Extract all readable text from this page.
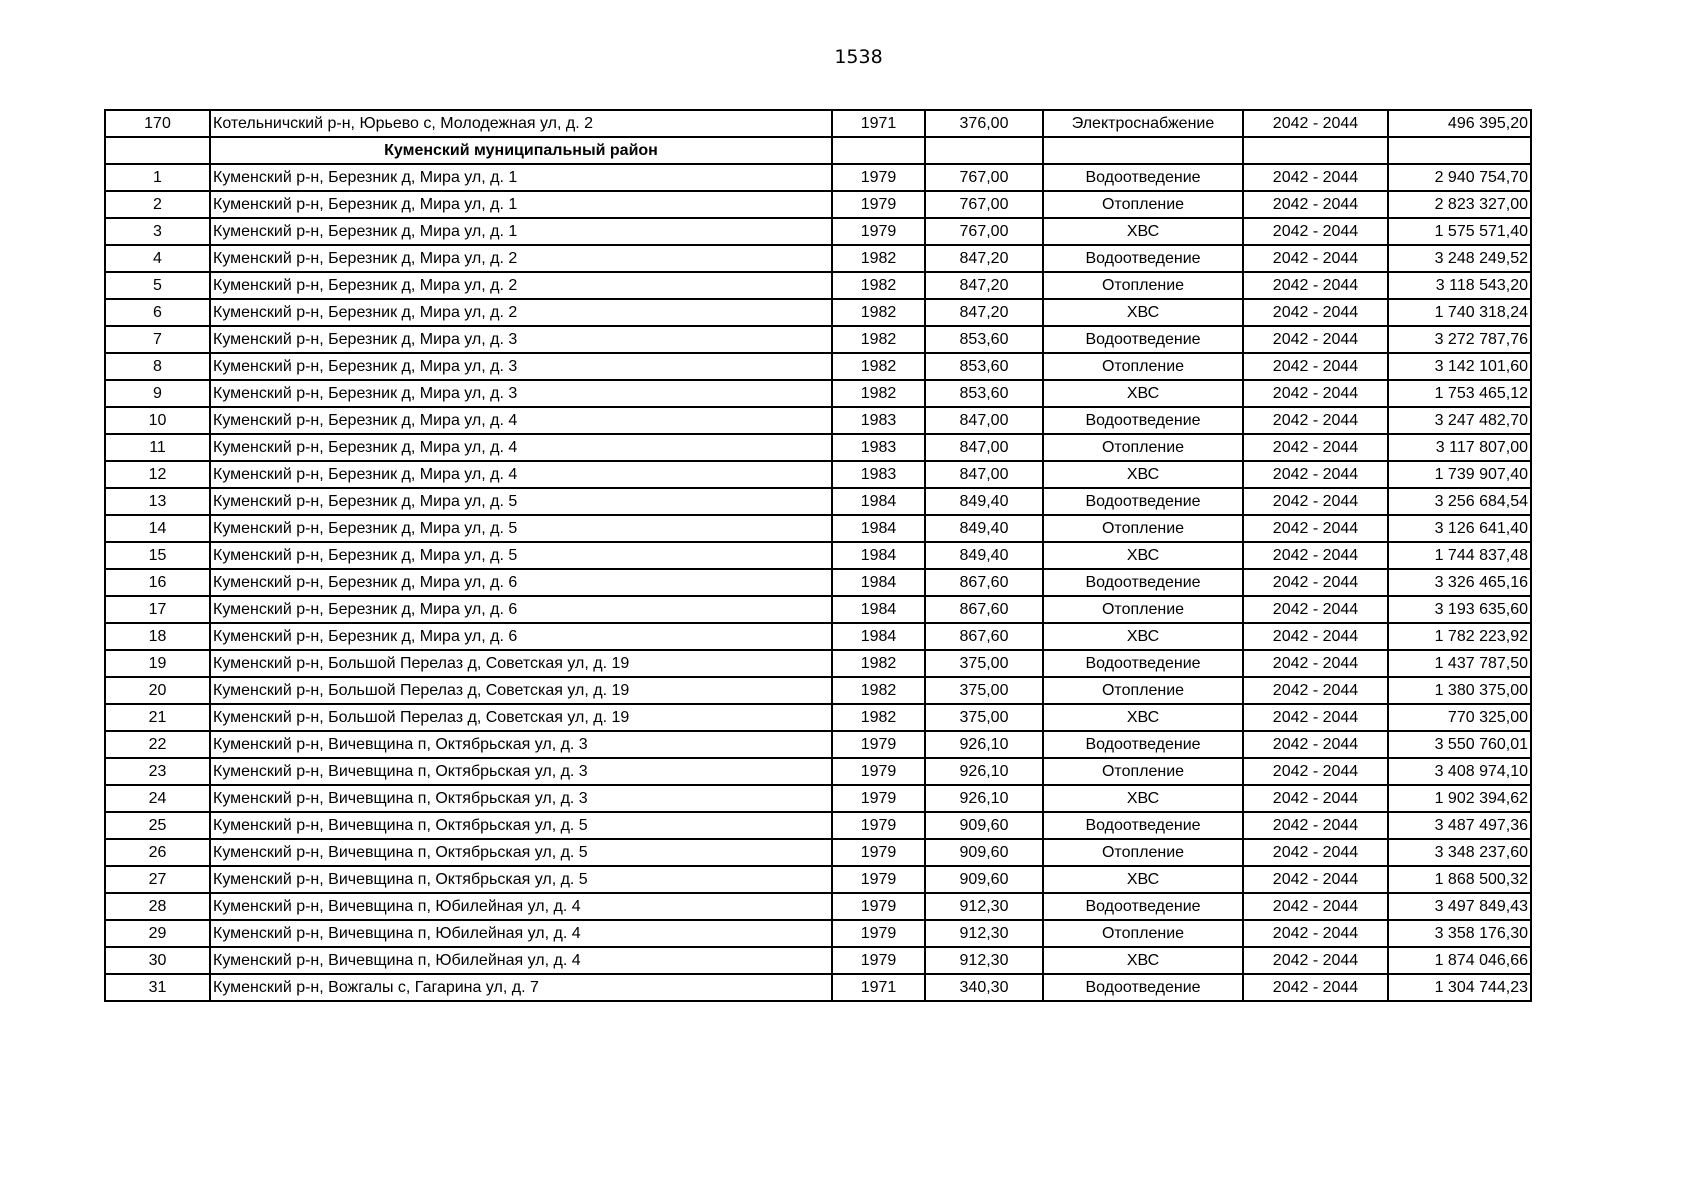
1538
170	Котельничский р-н, Юрьево с, Молодежная ул, д. 2	1971	376,00	Электроснабжение	2042 - 2044	496 395,20
	Куменский муниципальный район					
1	Куменский р-н, Березник д, Мира ул, д. 1	1979	767,00	Водоотведение	2042 - 2044	2 940 754,70
2	Куменский р-н, Березник д, Мира ул, д. 1	1979	767,00	Отопление	2042 - 2044	2 823 327,00
3	Куменский р-н, Березник д, Мира ул, д. 1	1979	767,00	ХВС	2042 - 2044	1 575 571,40
4	Куменский р-н, Березник д, Мира ул, д. 2	1982	847,20	Водоотведение	2042 - 2044	3 248 249,52
5	Куменский р-н, Березник д, Мира ул, д. 2	1982	847,20	Отопление	2042 - 2044	3 118 543,20
6	Куменский р-н, Березник д, Мира ул, д. 2	1982	847,20	ХВС	2042 - 2044	1 740 318,24
7	Куменский р-н, Березник д, Мира ул, д. 3	1982	853,60	Водоотведение	2042 - 2044	3 272 787,76
8	Куменский р-н, Березник д, Мира ул, д. 3	1982	853,60	Отопление	2042 - 2044	3 142 101,60
9	Куменский р-н, Березник д, Мира ул, д. 3	1982	853,60	ХВС	2042 - 2044	1 753 465,12
10	Куменский р-н, Березник д, Мира ул, д. 4	1983	847,00	Водоотведение	2042 - 2044	3 247 482,70
11	Куменский р-н, Березник д, Мира ул, д. 4	1983	847,00	Отопление	2042 - 2044	3 117 807,00
12	Куменский р-н, Березник д, Мира ул, д. 4	1983	847,00	ХВС	2042 - 2044	1 739 907,40
13	Куменский р-н, Березник д, Мира ул, д. 5	1984	849,40	Водоотведение	2042 - 2044	3 256 684,54
14	Куменский р-н, Березник д, Мира ул, д. 5	1984	849,40	Отопление	2042 - 2044	3 126 641,40
15	Куменский р-н, Березник д, Мира ул, д. 5	1984	849,40	ХВС	2042 - 2044	1 744 837,48
16	Куменский р-н, Березник д, Мира ул, д. 6	1984	867,60	Водоотведение	2042 - 2044	3 326 465,16
17	Куменский р-н, Березник д, Мира ул, д. 6	1984	867,60	Отопление	2042 - 2044	3 193 635,60
18	Куменский р-н, Березник д, Мира ул, д. 6	1984	867,60	ХВС	2042 - 2044	1 782 223,92
19	Куменский р-н, Большой Перелаз д, Советская ул, д. 19	1982	375,00	Водоотведение	2042 - 2044	1 437 787,50
20	Куменский р-н, Большой Перелаз д, Советская ул, д. 19	1982	375,00	Отопление	2042 - 2044	1 380 375,00
21	Куменский р-н, Большой Перелаз д, Советская ул, д. 19	1982	375,00	ХВС	2042 - 2044	770 325,00
22	Куменский р-н, Вичевщина п, Октябрьская ул, д. 3	1979	926,10	Водоотведение	2042 - 2044	3 550 760,01
23	Куменский р-н, Вичевщина п, Октябрьская ул, д. 3	1979	926,10	Отопление	2042 - 2044	3 408 974,10
24	Куменский р-н, Вичевщина п, Октябрьская ул, д. 3	1979	926,10	ХВС	2042 - 2044	1 902 394,62
25	Куменский р-н, Вичевщина п, Октябрьская ул, д. 5	1979	909,60	Водоотведение	2042 - 2044	3 487 497,36
26	Куменский р-н, Вичевщина п, Октябрьская ул, д. 5	1979	909,60	Отопление	2042 - 2044	3 348 237,60
27	Куменский р-н, Вичевщина п, Октябрьская ул, д. 5	1979	909,60	ХВС	2042 - 2044	1 868 500,32
28	Куменский р-н, Вичевщина п, Юбилейная ул, д. 4	1979	912,30	Водоотведение	2042 - 2044	3 497 849,43
29	Куменский р-н, Вичевщина п, Юбилейная ул, д. 4	1979	912,30	Отопление	2042 - 2044	3 358 176,30
30	Куменский р-н, Вичевщина п, Юбилейная ул, д. 4	1979	912,30	ХВС	2042 - 2044	1 874 046,66
31	Куменский р-н, Вожгалы с, Гагарина ул, д. 7	1971	340,30	Водоотведение	2042 - 2044	1 304 744,23
